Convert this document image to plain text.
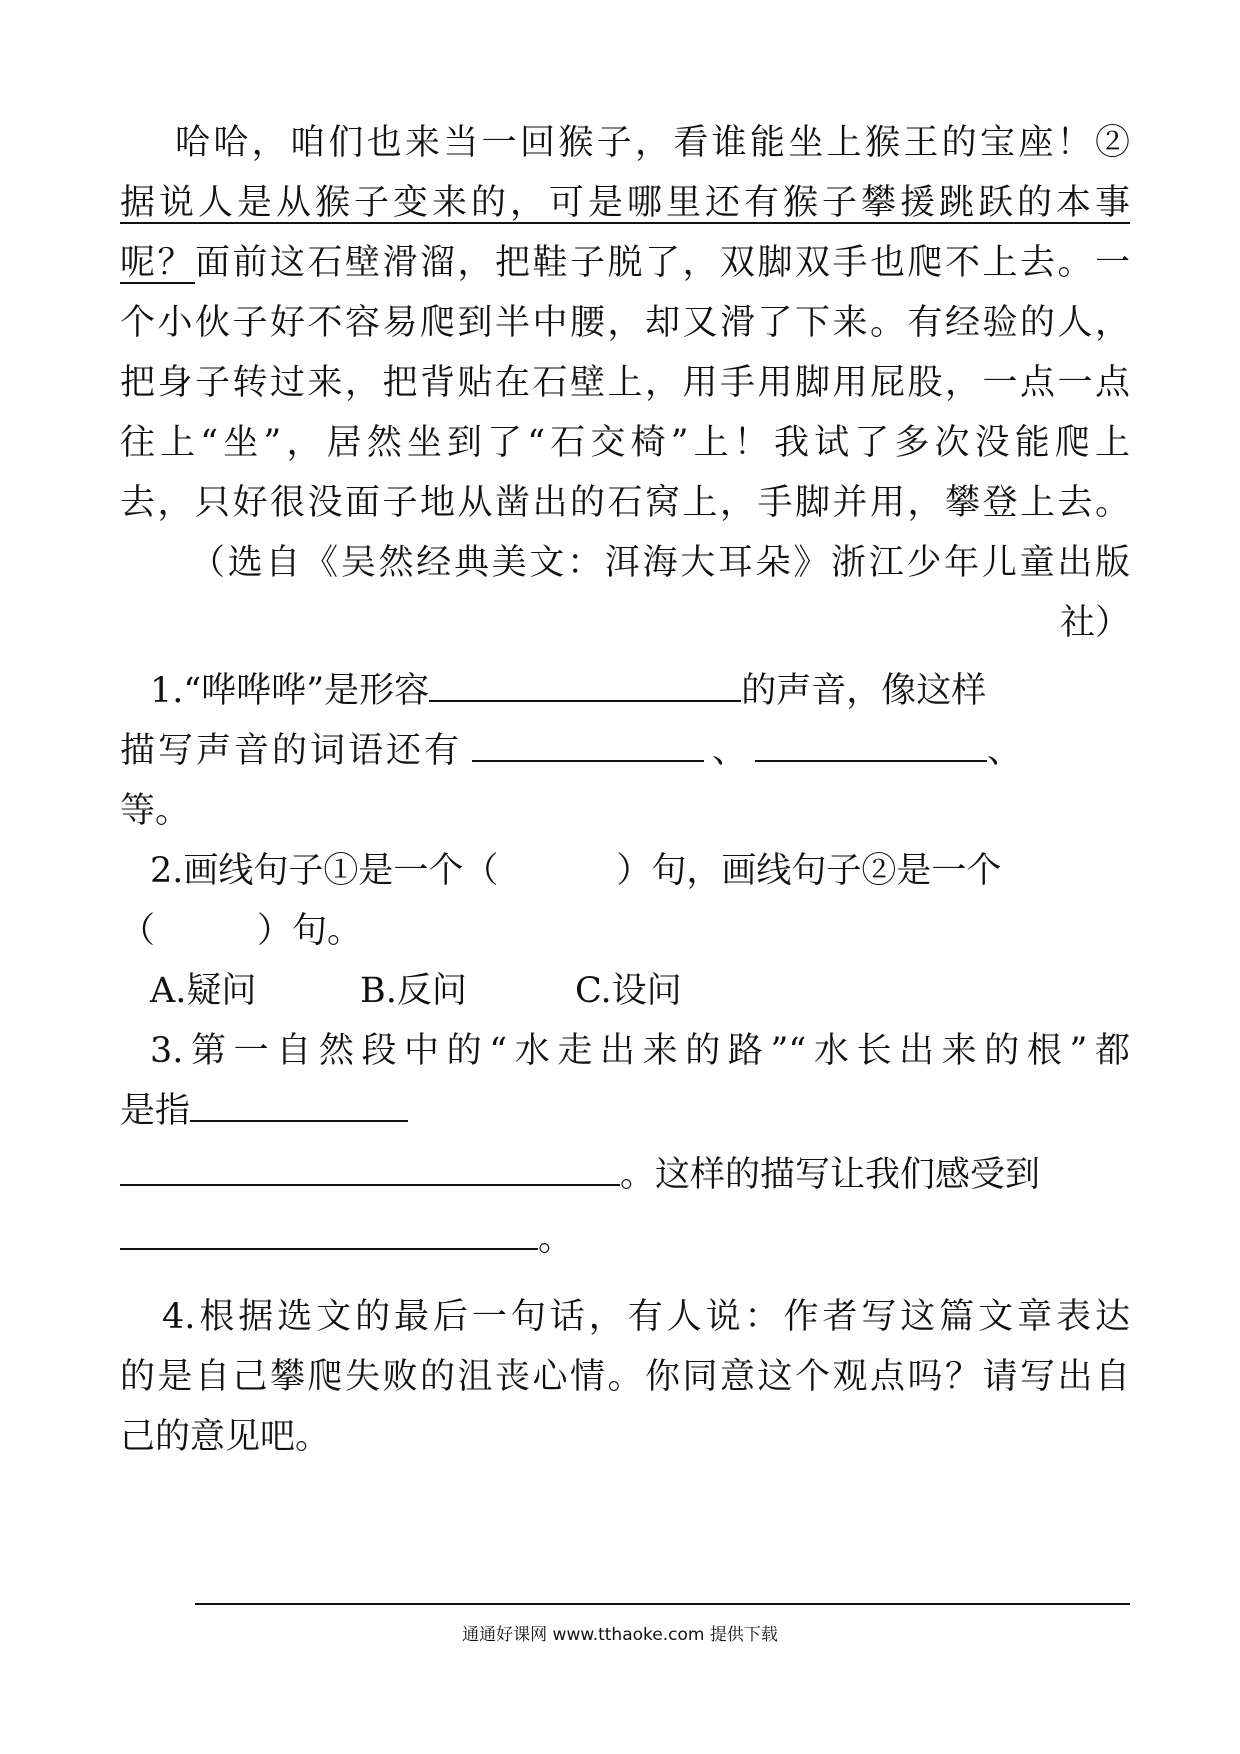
哈哈，咱们也来当一回猴子，看谁能坐上猴王的宝座！②
据说人是从猴子变来的，可是哪里还有猴子攀援跳跃的本事
呢？面前这石壁滑溜，把鞋子脱了，双脚双手也爬不上去。一
个小伙子好不容易爬到半中腰，却又滑了下来。有经验的人，
把身子转过来，把背贴在石壁上，用手用脚用屁股，一点一点
往上“坐”，居然坐到了“石交椅”上！我试了多次没能爬上
去，只好很没面子地从凿出的石窝上，手脚并用，攀登上去。
（选自《吴然经典美文：洱海大耳朵》浙江少年儿童出版
社）
1.“哗哗哗”是形容	的声音，像这样
描写声音的词语还有	、	、
等。
2.画线句子①是一个（	）句，画线句子②是一个
（	）句。
A.疑问	B.反问	C.设问
3.第一自然段中的“水走出来的路”“水长出来的根”都
是指
。这样的描写让我们感受到
。
4.根据选文的最后一句话，有人说：作者写这篇文章表达
的是自己攀爬失败的沮丧心情。你同意这个观点吗？请写出自
己的意见吧。
通通好课网 www.tthaoke.com 提供下载
